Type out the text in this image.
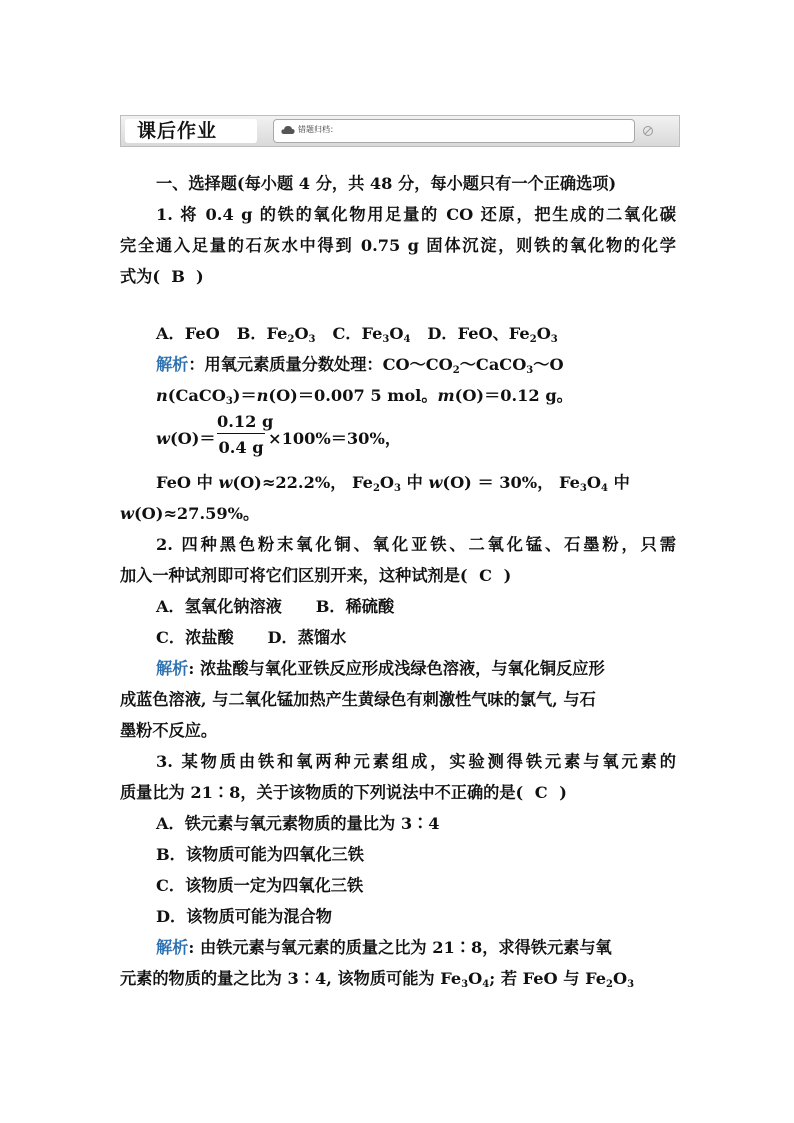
课后作业	错题归档：
一、选择题(每小题 4 分，共 48 分，每小题只有一个正确选项)
1. 将 0.4 g 的铁的氧化物用足量的 CO 还原，把生成的二氧化碳
完全通入足量的石灰水中得到 0.75 g 固体沉淀，则铁的氧化物的化学
式为( B )
A．FeO B．$Fe_2O_3$ C．$Fe_3O_4$ D．FeO、$Fe_2O_3$
解析：用氧元素质量分数处理：$CO\sim CO_2\sim CaCO_3\sim O$
n(CaCO$_3$)＝n(O)＝0.007 5 mol。m(O)＝0.12 g。
$w(O)= \frac{0.12 g}{0.4 g} \times 100\%=30\%$，
FeO 中 w(O)≈22.2%， $Fe_2O_3$ 中 w(O) ＝ 30%， $Fe_3O_4$ 中
w(O)≈27.59%。
2. 四种黑色粉末氧化铜、氧化亚铁、二氧化锰、石墨粉，只需
加入一种试剂即可将它们区别开来，这种试剂是( C )
A．氢氧化钠溶液 B．稀硫酸
C．浓盐酸 D．蒸馏水
解析: 浓盐酸与氧化亚铁反应形成浅绿色溶液，与氧化铜反应形
成蓝色溶液, 与二氧化锰加热产生黄绿色有刺激性气味的氯气, 与石
墨粉不反应。
3. 某物质由铁和氧两种元素组成，实验测得铁元素与氧元素的
质量比为 21∶8，关于该物质的下列说法中不正确的是( C )
A．铁元素与氧元素物质的量比为 3∶4
B．该物质可能为四氧化三铁
C．该物质一定为四氧化三铁
D．该物质可能为混合物
解析: 由铁元素与氧元素的质量之比为 21∶8，求得铁元素与氧
元素的物质的量之比为 3∶4, 该物质可能为 $Fe_3O_4$; 若 FeO 与 $Fe_2O_3$
